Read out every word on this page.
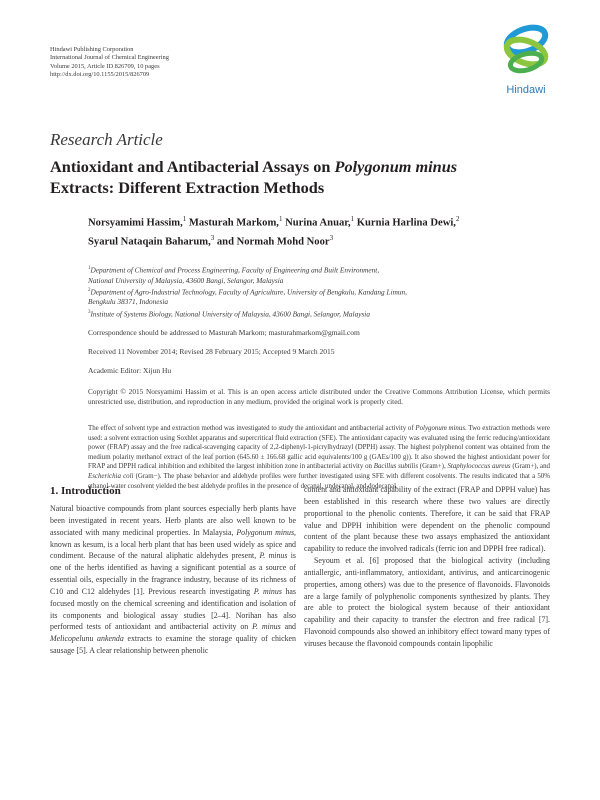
Hindawi Publishing Corporation
International Journal of Chemical Engineering
Volume 2015, Article ID 826709, 10 pages
http://dx.doi.org/10.1155/2015/826709
Hindawi
Research Article
Antioxidant and Antibacterial Assays on Polygonum minus
Extracts: Different Extraction Methods
Norsyamimi Hassim,$^1$ Masturah Markom,$^1$ Nurina Anuar,$^1$ Kurnia Harlina Dewi,$^2$
Syarul Nataqain Baharum,$^3$ and Normah Mohd Noor$^3$
$^1$Department of Chemical and Process Engineering, Faculty of Engineering and Built Environment,
National University of Malaysia, 43600 Bangi, Selangor, Malaysia
$^2$Department of Agro-Industrial Technology, Faculty of Agriculture, University of Bengkulu, Kandang Limun,
Bengkulu 38371, Indonesia
$^3$Institute of Systems Biology, National University of Malaysia, 43600 Bangi, Selangor, Malaysia
Correspondence should be addressed to Masturah Markom; masturahmarkom@gmail.com
Received 11 November 2014; Revised 28 February 2015; Accepted 9 March 2015
Academic Editor: Xijun Hu
Copyright © 2015 Norsyamimi Hassim et al. This is an open access article distributed under the Creative Commons Attribution License, which permits unrestricted use, distribution, and reproduction in any medium, provided the original work is properly cited.
The effect of solvent type and extraction method was investigated to study the antioxidant and antibacterial activity of Polygonum minus. Two extraction methods were used: a solvent extraction using Soxhlet apparatus and supercritical fluid extraction (SFE). The antioxidant capacity was evaluated using the ferric reducing/antioxidant power (FRAP) assay and the free radical-scavenging capacity of 2,2-diphenyl-1-picrylhydrazyl (DPPH) assay. The highest polyphenol content was obtained from the medium polarity methanol extract of the leaf portion (645.60 ± 166.68 gallic acid equivalents/100 g (GAEs/100 g)). It also showed the highest antioxidant power for FRAP and DPPH radical inhibition and exhibited the largest inhibition zone in antibacterial activity on Bacillus subtilis (Gram+), Staphylococcus aureus (Gram+), and Escherichia coli (Gram−). The phase behavior and aldehyde profiles were further investigated using SFE with different cosolvents. The results indicated that a 50% ethanol-water cosolvent yielded the best aldehyde profiles in the presence of decanal, undecanal, and dodecanal.
1. Introduction
Natural bioactive compounds from plant sources especially herb plants have been investigated in recent years. Herb plants are also well known to be associated with many medicinal properties. In Malaysia, Polygonum minus, known as kesum, is a local herb plant that has been used widely as spice and condiment. Because of the natural aliphatic aldehydes present, P. minus is one of the herbs identified as having a significant potential as a source of essential oils, especially in the fragrance industry, because of its richness of C10 and C12 aldehydes [1]. Previous research investigating P. minus has focused mostly on the chemical screening and identification and isolation of its components and biological assay studies [2–4]. Norihan has also performed tests of antioxidant and antibacterial activity on P. minus and Melicopelunu ankenda extracts to examine the storage quality of chicken sausage [5]. A clear relationship between phenolic
content and antioxidant capability of the extract (FRAP and DPPH value) has been established in this research where these two values are directly proportional to the phenolic contents. Therefore, it can be said that FRAP value and DPPH inhibition were dependent on the phenolic compound content of the plant because these two assays emphasized the antioxidant capability to reduce the involved radicals (ferric ion and DPPH free radical).
Seyoum et al. [6] proposed that the biological activity (including antiallergic, anti-inflammatory, antioxidant, antivirus, and anticarcinogenic properties, among others) was due to the presence of flavonoids. Flavonoids are a large family of polyphenolic components synthesized by plants. They are able to protect the biological system because of their antioxidant capability and their capacity to transfer the electron and free radical [7]. Flavonoid compounds also showed an inhibitory effect toward many types of viruses because the flavonoid compounds contain lipophilic
